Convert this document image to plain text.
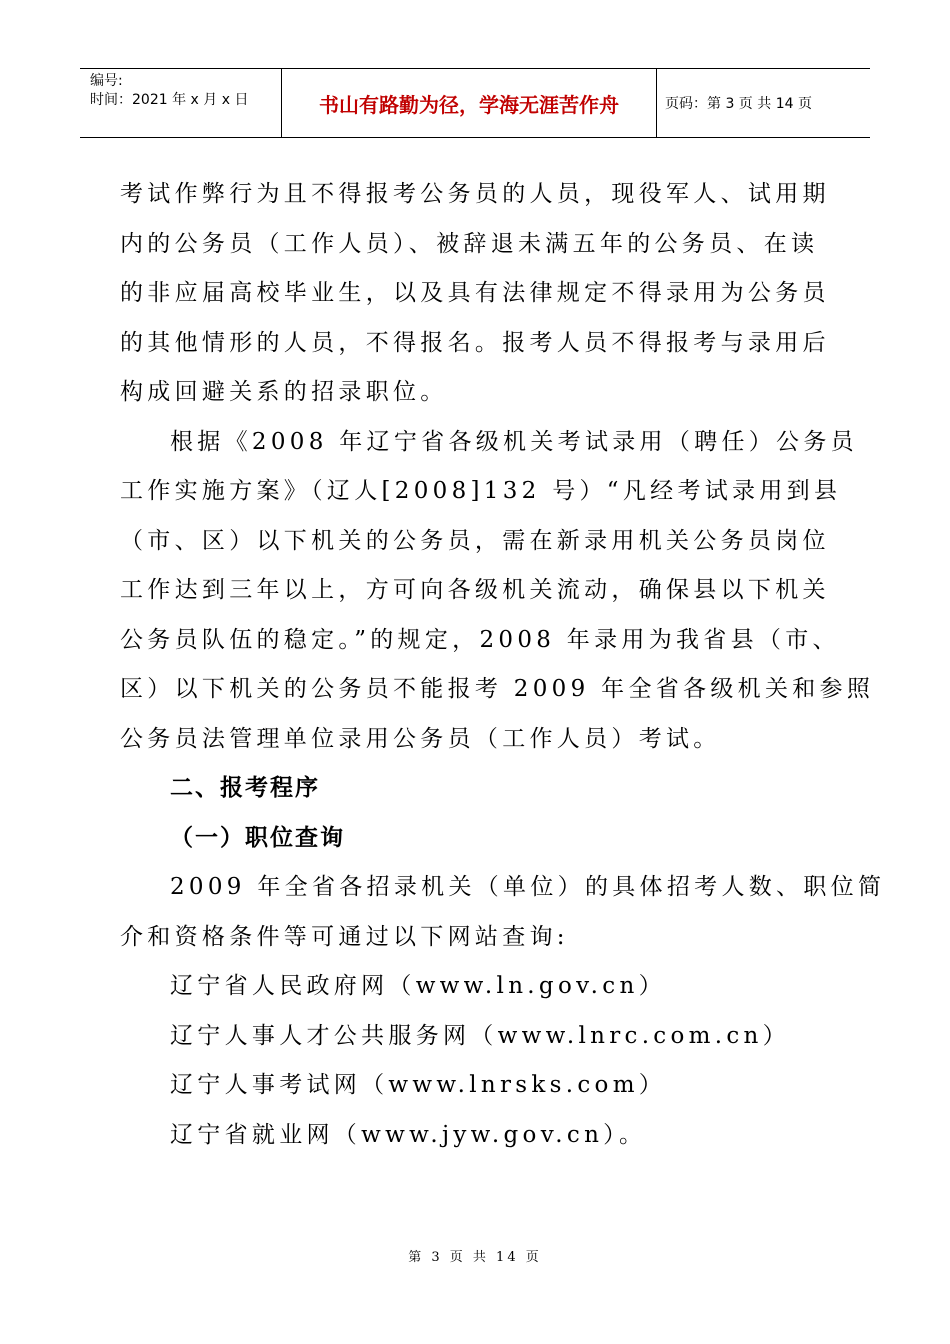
编号:
时间：2021 年 x 月 x 日	书山有路勤为径，学海无涯苦作舟	页码：第 3 页 共 14 页
考试作弊行为且不得报考公务员的人员，现役军人、试用期
内的公务员（工作人员）、被辞退未满五年的公务员、在读
的非应届高校毕业生，以及具有法律规定不得录用为公务员
的其他情形的人员，不得报名。报考人员不得报考与录用后
构成回避关系的招录职位。
根据《2008 年辽宁省各级机关考试录用（聘任）公务员
工作实施方案》（辽人[2008]132 号）“凡经考试录用到县
（市、区）以下机关的公务员，需在新录用机关公务员岗位
工作达到三年以上，方可向各级机关流动，确保县以下机关
公务员队伍的稳定。”的规定，2008 年录用为我省县（市、
区）以下机关的公务员不能报考 2009 年全省各级机关和参照
公务员法管理单位录用公务员（工作人员）考试。
二、报考程序
（一）职位查询
2009 年全省各招录机关（单位）的具体招考人数、职位简
介和资格条件等可通过以下网站查询:
辽宁省人民政府网（www.ln.gov.cn）
辽宁人事人才公共服务网（www.lnrc.com.cn）
辽宁人事考试网（www.lnrsks.com）
辽宁省就业网（www.jyw.gov.cn）。
第 3 页 共 14 页
